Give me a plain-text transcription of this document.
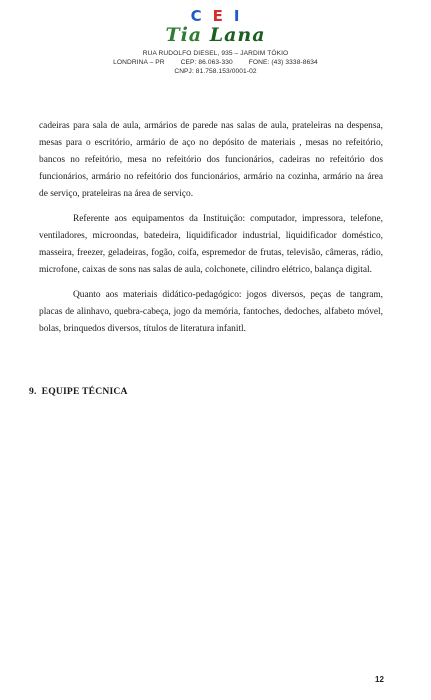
C E I
Tia Lana
RUA RUDOLFO DIESEL, 935 – JARDIM TÓKIO
LONDRINA – PR CEP: 86.063-330 FONE: (43) 3338-8634
CNPJ: 81.758.153/0001-02

cadeiras para sala de aula, armários de parede nas salas de aula, prateleiras na despensa, mesas para o escritório, armário de aço no depósito de materiais , mesas no refeitório, bancos no refeitório, mesa no refeitório dos funcionários, cadeiras no refeitório dos funcionários, armário no refeitório dos funcionários, armário na cozinha, armário na área de serviço, prateleiras na área de serviço.

Referente aos equipamentos da Instituição: computador, impressora, telefone, ventiladores, microondas, batedeira, liquidificador industrial, liquidificador doméstico, masseira, freezer, geladeiras, fogão, coifa, espremedor de frutas, televisão, câmeras, rádio, microfone, caixas de sons nas salas de aula, colchonete, cilindro elétrico, balança digital.

Quanto aos materiais didático-pedagógico: jogos diversos, peças de tangram, placas de alinhavo, quebra-cabeça, jogo da memória, fantoches, dedoches, alfabeto móvel, bolas, brinquedos diversos, títulos de literatura infanitl.

9. EQUIPE TÉCNICA
12
